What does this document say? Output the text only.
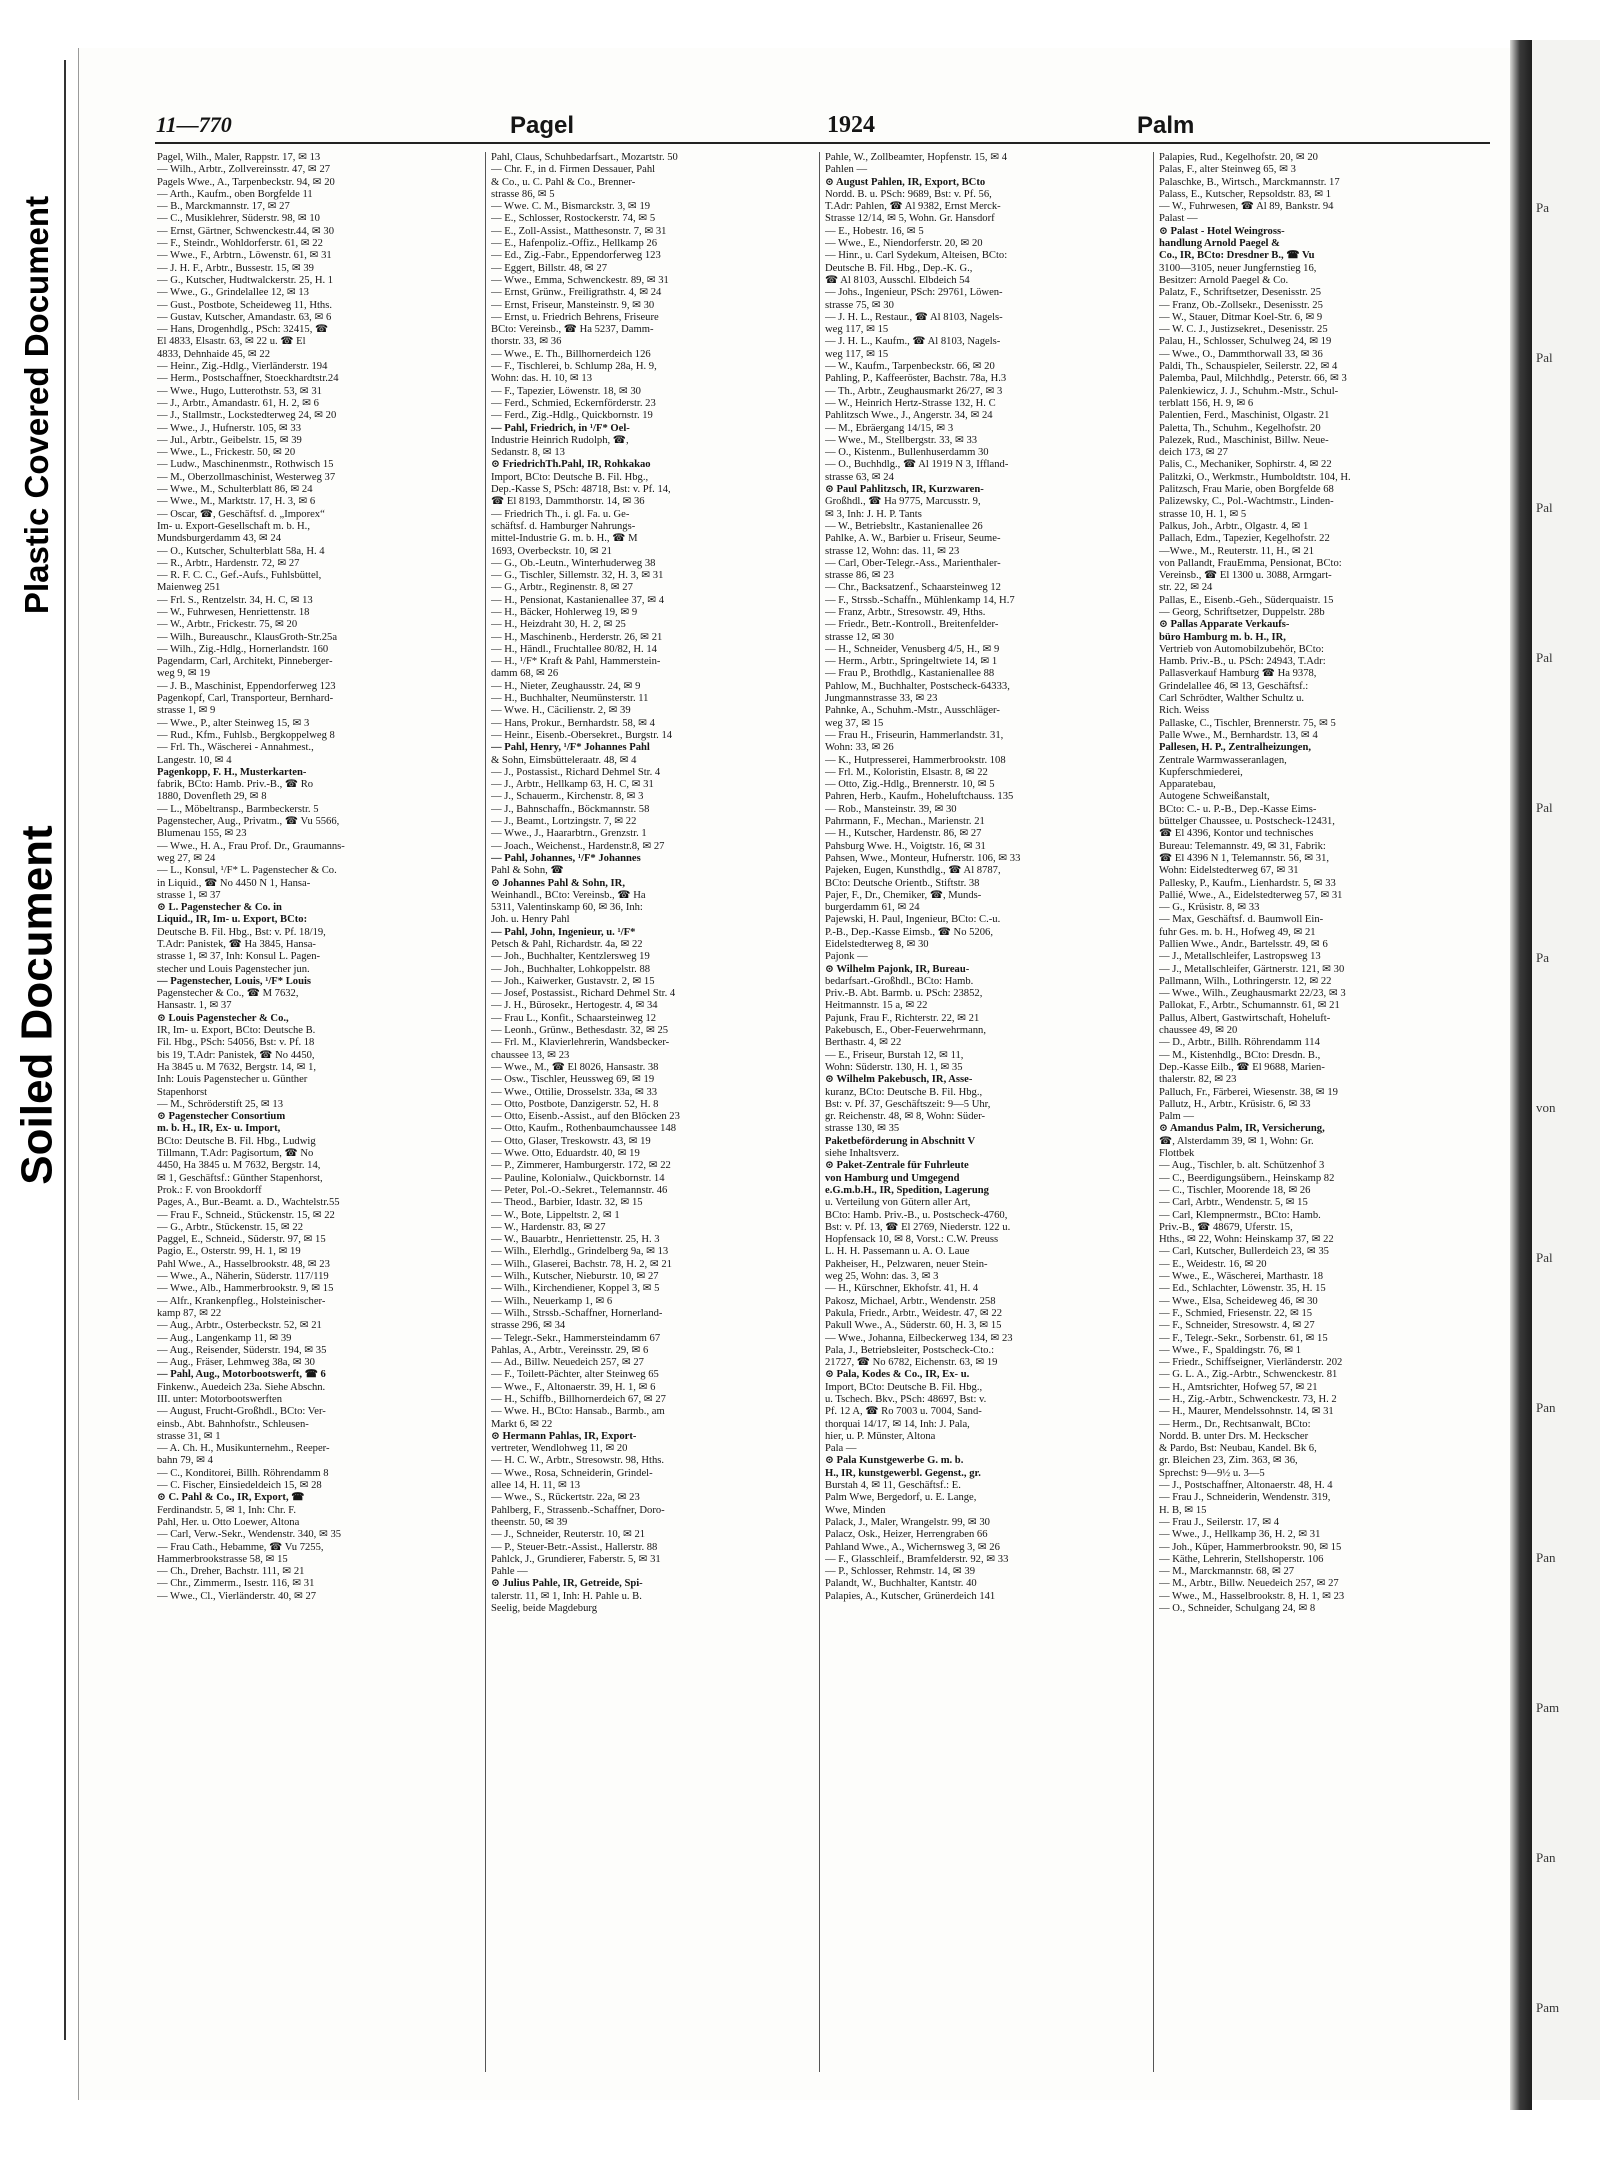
Plastic Covered Document
Soiled Document
Pa
Pal
Pal
Pal
Pal
Pa
von
Pal
Pan
Pan
Pam
Pan
Pam
11—770	Pagel	1924	Palm
Pagel, Wilh., Maler, Rappstr. 17, ✉ 13
— Wilh., Arbtr., Zollvereinsstr. 47, ✉ 27
Pagels Wwe., A., Tarpenbeckstr. 94, ✉ 20
— Arth., Kaufm., oben Borgfelde 11
— B., Marckmannstr. 17, ✉ 27
— C., Musiklehrer, Süderstr. 98, ✉ 10
— Ernst, Gärtner, Schwenckestr.44, ✉ 30
— F., Steindr., Wohldorferstr. 61, ✉ 22
— Wwe., F., Arbtrn., Löwenstr. 61, ✉ 31
— J. H. F., Arbtr., Bussestr. 15, ✉ 39
— G., Kutscher, Hudtwalckerstr. 25, H. 1
— Wwe., G., Grindelallee 12, ✉ 13
— Gust., Postbote, Scheideweg 11, Hths.
— Gustav, Kutscher, Amandastr. 63, ✉ 6
— Hans, Drogenhdlg., PSch: 32415, ☎
El 4833, Elsastr. 63, ✉ 22 u. ☎ El
4833, Dehnhaide 45, ✉ 22
— Heinr., Zig.-Hdlg., Vierländerstr. 194
— Herm., Postschaffner, Stoeckhardtstr.24
— Wwe., Hugo, Lutterothstr. 53, ✉ 31
— J., Arbtr., Amandastr. 61, H. 2, ✉ 6
— J., Stallmstr., Lockstedterweg 24, ✉ 20
— Wwe., J., Hufnerstr. 105, ✉ 33
— Jul., Arbtr., Geibelstr. 15, ✉ 39
— Wwe., L., Frickestr. 50, ✉ 20
— Ludw., Maschinenmstr., Rothwisch 15
— M., Oberzollmaschinist, Westerweg 37
— Wwe., M., Schulterblatt 86, ✉ 24
— Wwe., M., Marktstr. 17, H. 3, ✉ 6
— Oscar, ☎, Geschäftsf. d. „Imporex“
Im- u. Export-Gesellschaft m. b. H.,
Mundsburgerdamm 43, ✉ 24
— O., Kutscher, Schulterblatt 58a, H. 4
— R., Arbtr., Hardenstr. 72, ✉ 27
— R. F. C. C., Gef.-Aufs., Fuhlsbüttel,
Maienweg 251
— Frl. S., Rentzelstr. 34, H. C, ✉ 13
— W., Fuhrwesen, Henriettenstr. 18
— W., Arbtr., Frickestr. 75, ✉ 20
— Wilh., Bureauschr., KlausGroth-Str.25a
— Wilh., Zig.-Hdlg., Hornerlandstr. 160
Pagendarm, Carl, Architekt, Pinneberger-
weg 9, ✉ 19
— J. B., Maschinist, Eppendorferweg 123
Pagenkopf, Carl, Transporteur, Bernhard-
strasse 1, ✉ 9
— Wwe., P., alter Steinweg 15, ✉ 3
— Rud., Kfm., Fuhlsb., Bergkoppelweg 8
— Frl. Th., Wäscherei - Annahmest.,
Langestr. 10, ✉ 4
Pagenkopp, F. H., Musterkarten-
fabrik, BCto: Hamb. Priv.-B., ☎ Ro
1880, Dovenfleth 29, ✉ 8
— L., Möbeltransp., Barmbeckerstr. 5
Pagenstecher, Aug., Privatm., ☎ Vu 5566,
Blumenau 155, ✉ 23
— Wwe., H. A., Frau Prof. Dr., Graumanns-
weg 27, ✉ 24
— L., Konsul, ¹/F* L. Pagenstecher & Co.
in Liquid., ☎ No 4450 N 1, Hansa-
strasse 1, ✉ 37
⊙ L. Pagenstecher & Co. in
Liquid., IR, Im- u. Export, BCto:
Deutsche B. Fil. Hbg., Bst: v. Pf. 18/19,
T.Adr: Panistek, ☎ Ha 3845, Hansa-
strasse 1, ✉ 37, Inh: Konsul L. Pagen-
stecher und Louis Pagenstecher jun.
— Pagenstecher, Louis, ¹/F* Louis
Pagenstecher & Co., ☎ M 7632,
Hansastr. 1, ✉ 37
⊙ Louis Pagenstecher & Co.,
IR, Im- u. Export, BCto: Deutsche B.
Fil. Hbg., PSch: 54056, Bst: v. Pf. 18
bis 19, T.Adr: Panistek, ☎ No 4450,
Ha 3845 u. M 7632, Bergstr. 14, ✉ 1,
Inh: Louis Pagenstecher u. Günther
Stapenhorst
— M., Schröderstift 25, ✉ 13
⊙ Pagenstecher Consortium
m. b. H., IR, Ex- u. Import,
BCto: Deutsche B. Fil. Hbg., Ludwig
Tillmann, T.Adr: Pagisortum, ☎ No
4450, Ha 3845 u. M 7632, Bergstr. 14,
✉ 1, Geschäftsf.: Günther Stapenhorst,
Prok.: F. von Brookdorff
Pages, A., Bur.-Beamt. a. D., Wachtelstr.55
— Frau F., Schneid., Stückenstr. 15, ✉ 22
— G., Arbtr., Stückenstr. 15, ✉ 22
Paggel, E., Schneid., Süderstr. 97, ✉ 15
Pagio, E., Osterstr. 99, H. 1, ✉ 19
Pahl Wwe., A., Hasselbrookstr. 48, ✉ 23
— Wwe., A., Näherin, Süderstr. 117/119
— Wwe., Alb., Hammerbrookstr. 9, ✉ 15
— Alfr., Krankenpfleg., Holsteinischer-
kamp 87, ✉ 22
— Aug., Arbtr., Osterbeckstr. 52, ✉ 21
— Aug., Langenkamp 11, ✉ 39
— Aug., Reisender, Süderstr. 194, ✉ 35
— Aug., Fräser, Lehmweg 38a, ✉ 30
— Pahl, Aug., Motorbootswerft, ☎ 6
Finkenw., Auedeich 23a. Siehe Abschn.
III. unter: Motorbootswerften
— August, Frucht-Großhdl., BCto: Ver-
einsb., Abt. Bahnhofstr., Schleusen-
strasse 31, ✉ 1
— A. Ch. H., Musikunternehm., Reeper-
bahn 79, ✉ 4
— C., Konditorei, Billh. Röhrendamm 8
— C. Fischer, Einsiedeldeich 15, ✉ 28
⊙ C. Pahl & Co., IR, Export, ☎
Ferdinandstr. 5, ✉ 1, Inh: Chr. F.
Pahl, Her. u. Otto Loewer, Altona
— Carl, Verw.-Sekr., Wendenstr. 340, ✉ 35
— Frau Cath., Hebamme, ☎ Vu 7255,
Hammerbrookstrasse 58, ✉ 15
— Ch., Dreher, Bachstr. 111, ✉ 21
— Chr., Zimmerm., Isestr. 116, ✉ 31
— Wwe., Cl., Vierländerstr. 40, ✉ 27
Pahl, Claus, Schuhbedarfsart., Mozartstr. 50
— Chr. F., in d. Firmen Dessauer, Pahl
& Co., u. C. Pahl & Co., Brenner-
strasse 86, ✉ 5
— Wwe. C. M., Bismarckstr. 3, ✉ 19
— E., Schlosser, Rostockerstr. 74, ✉ 5
— E., Zoll-Assist., Matthesonstr. 7, ✉ 31
— E., Hafenpoliz.-Offiz., Hellkamp 26
— Ed., Zig.-Fabr., Eppendorferweg 123
— Eggert, Billstr. 48, ✉ 27
— Wwe., Emma, Schwenckestr. 89, ✉ 31
— Ernst, Grünw., Freiligrathstr. 4, ✉ 24
— Ernst, Friseur, Mansteinstr. 9, ✉ 30
— Ernst, u. Friedrich Behrens, Friseure
BCto: Vereinsb., ☎ Ha 5237, Damm-
thorstr. 33, ✉ 36
— Wwe., E. Th., Billhornerdeich 126
— F., Tischlerei, b. Schlump 28a, H. 9,
Wohn: das. H. 10, ✉ 13
— F., Tapezier, Löwenstr. 18, ✉ 30
— Ferd., Schmied, Eckernförderstr. 23
— Ferd., Zig.-Hdlg., Quickbornstr. 19
— Pahl, Friedrich, in ¹/F* Oel-
Industrie Heinrich Rudolph, ☎,
Sedanstr. 8, ✉ 13
⊙ FriedrichTh.Pahl, IR, Rohkakao
Import, BCto: Deutsche B. Fil. Hbg.,
Dep.-Kasse S, PSch: 48718, Bst: v. Pf. 14,
☎ El 8193, Dammthorstr. 14, ✉ 36
— Friedrich Th., i. gl. Fa. u. Ge-
schäftsf. d. Hamburger Nahrungs-
mittel-Industrie G. m. b. H., ☎ M
1693, Overbeckstr. 10, ✉ 21
— G., Ob.-Leutn., Winterhuderweg 38
— G., Tischler, Sillemstr. 32, H. 3, ✉ 31
— G., Arbtr., Reginenstr. 8, ✉ 27
— H., Pensionat, Kastanienallee 37, ✉ 4
— H., Bäcker, Hohlerweg 19, ✉ 9
— H., Heizdraht 30, H. 2, ✉ 25
— H., Maschinenb., Herderstr. 26, ✉ 21
— H., Händl., Fruchtallee 80/82, H. 14
— H., ¹/F* Kraft & Pahl, Hammerstein-
damm 68, ✉ 26
— H., Nieter, Zeughausstr. 24, ✉ 9
— H., Buchhalter, Neumünsterstr. 11
— Wwe. H., Cäcilienstr. 2, ✉ 39
— Hans, Prokur., Bernhardstr. 58, ✉ 4
— Heinr., Eisenb.-Obersekret., Burgstr. 14
— Pahl, Henry, ¹/F* Johannes Pahl
& Sohn, Eimsbütteleraatr. 48, ✉ 4
— J., Postassist., Richard Dehmel Str. 4
— J., Arbtr., Hellkamp 63, H. C, ✉ 31
— J., Schauerm., Kirchenstr. 8, ✉ 3
— J., Bahnschaffn., Böckmannstr. 58
— J., Beamt., Lortzingstr. 7, ✉ 22
— Wwe., J., Haararbtrn., Grenzstr. 1
— Joach., Weichenst., Hardenstr.8, ✉ 27
— Pahl, Johannes, ¹/F* Johannes
Pahl & Sohn, ☎
⊙ Johannes Pahl & Sohn, IR,
Weinhandl., BCto: Vereinsb., ☎ Ha
5311, Valentinskamp 60, ✉ 36, Inh:
Joh. u. Henry Pahl
— Pahl, John, Ingenieur, u. ¹/F*
Petsch & Pahl, Richardstr. 4a, ✉ 22
— Joh., Buchhalter, Kentzlersweg 19
— Joh., Buchhalter, Lohkoppelstr. 88
— Joh., Kaiwerker, Gustavstr. 2, ✉ 15
— Josef, Postassist., Richard Dehmel Str. 4
— J. H., Bürosekr., Hertogestr. 4, ✉ 34
— Frau L., Konfit., Schaarsteinweg 12
— Leonh., Grünw., Bethesdastr. 32, ✉ 25
— Frl. M., Klavierlehrerin, Wandsbecker-
chaussee 13, ✉ 23
— Wwe., M., ☎ El 8026, Hansastr. 38
— Osw., Tischler, Heussweg 69, ✉ 19
— Wwe., Ottilie, Drosselstr. 33a, ✉ 33
— Otto, Postbote, Danzigerstr. 52, H. 8
— Otto, Eisenb.-Assist., auf den Blöcken 23
— Otto, Kaufm., Rothenbaumchaussee 148
— Otto, Glaser, Treskowstr. 43, ✉ 19
— Wwe. Otto, Eduardstr. 40, ✉ 19
— P., Zimmerer, Hamburgerstr. 172, ✉ 22
— Pauline, Kolonialw., Quickbornstr. 14
— Peter, Pol.-O.-Sekret., Telemannstr. 46
— Theod., Barbier, Idastr. 32, ✉ 15
— W., Bote, Lippeltstr. 2, ✉ 1
— W., Hardenstr. 83, ✉ 27
— W., Bauarbtr., Henriettenstr. 25, H. 3
— Wilh., Elerhdlg., Grindelberg 9a, ✉ 13
— Wilh., Glaserei, Bachstr. 78, H. 2, ✉ 21
— Wilh., Kutscher, Nieburstr. 10, ✉ 27
— Wilh., Kirchendiener, Koppel 3, ✉ 5
— Wilh., Neuerkamp 1, ✉ 6
— Wilh., Strssb.-Schaffner, Hornerland-
strasse 296, ✉ 34
— Telegr.-Sekr., Hammersteindamm 67
Pahlas, A., Arbtr., Vereinsstr. 29, ✉ 6
— Ad., Billw. Neuedeich 257, ✉ 27
— F., Toilett-Pächter, alter Steinweg 65
— Wwe., F., Altonaerstr. 39, H. 1, ✉ 6
— H., Schiffb., Billhornerdeich 67, ✉ 27
— Wwe. H., BCto: Hansab., Barmb., am
Markt 6, ✉ 22
⊙ Hermann Pahlas, IR, Export-
vertreter, Wendlohweg 11, ✉ 20
— H. C. W., Arbtr., Stresowstr. 98, Hths.
— Wwe., Rosa, Schneiderin, Grindel-
allee 14, H. 11, ✉ 13
— Wwe., S., Rückertstr. 22a, ✉ 23
Pahlberg, F., Strassenb.-Schaffner, Doro-
theenstr. 50, ✉ 39
— J., Schneider, Reuterstr. 10, ✉ 21
— P., Steuer-Betr.-Assist., Hallerstr. 88
Pahlck, J., Grundierer, Faberstr. 5, ✉ 31
Pahle —
⊙ Julius Pahle, IR, Getreide, Spi-
talerstr. 11, ✉ 1, Inh: H. Pahle u. B.
Seelig, beide Magdeburg
Pahle, W., Zollbeamter, Hopfenstr. 15, ✉ 4
Pahlen —
⊙ August Pahlen, IR, Export, BCto
Nordd. B. u. PSch: 9689, Bst: v. Pf. 56,
T.Adr: Pahlen, ☎ Al 9382, Ernst Merck-
Strasse 12/14, ✉ 5, Wohn. Gr. Hansdorf
— E., Hobestr. 16, ✉ 5
— Wwe., E., Niendorferstr. 20, ✉ 20
— Hinr., u. Carl Sydekum, Alteisen, BCto:
Deutsche B. Fil. Hbg., Dep.-K. G.,
☎ Al 8103, Ausschl. Elbdeich 54
— Johs., Ingenieur, PSch: 29761, Löwen-
strasse 75, ✉ 30
— J. H. L., Restaur., ☎ Al 8103, Nagels-
weg 117, ✉ 15
— J. H. L., Kaufm., ☎ Al 8103, Nagels-
weg 117, ✉ 15
— W., Kaufm., Tarpenbeckstr. 66, ✉ 20
Pahling, P., Kaffeeröster, Bachstr. 78a, H.3
— Th., Arbtr., Zeughausmarkt 26/27, ✉ 3
— W., Heinrich Hertz-Strasse 132, H. C
Pahlitzsch Wwe., J., Angerstr. 34, ✉ 24
— M., Ebräergang 14/15, ✉ 3
— Wwe., M., Stellbergstr. 33, ✉ 33
— O., Kistenm., Bullenhuserdamm 30
— O., Buchhdlg., ☎ Al 1919 N 3, Iffland-
strasse 63, ✉ 24
⊙ Paul Pahlitzsch, IR, Kurzwaren-
Großhdl., ☎ Ha 9775, Marcusstr. 9,
✉ 3, Inh: J. H. P. Tants
— W., Betriebsltr., Kastanienallee 26
Pahlke, A. W., Barbier u. Friseur, Seume-
strasse 12, Wohn: das. 11, ✉ 23
— Carl, Ober-Telegr.-Ass., Marienthaler-
strasse 86, ✉ 23
— Chr., Backsatzenf., Schaarsteinweg 12
— F., Strssb.-Schaffn., Mühlenkamp 14, H.7
— Franz, Arbtr., Stresowstr. 49, Hths.
— Friedr., Betr.-Kontroll., Breitenfelder-
strasse 12, ✉ 30
— H., Schneider, Venusberg 4/5, H., ✉ 9
— Herm., Arbtr., Springeltwiete 14, ✉ 1
— Frau P., Brothdlg., Kastanienallee 88
Pahlow, M., Buchhalter, Postscheck-64333,
Jungmannstrasse 33, ✉ 23
Pahnke, A., Schuhm.-Mstr., Ausschläger-
weg 37, ✉ 15
— Frau H., Friseurin, Hammerlandstr. 31,
Wohn: 33, ✉ 26
— K., Hutpresserei, Hammerbrookstr. 108
— Frl. M., Koloristin, Elsastr. 8, ✉ 22
— Otto, Zig.-Hdlg., Brennerstr. 10, ✉ 5
Pahren, Herb., Kaufm., Hoheluftchauss. 135
— Rob., Mansteinstr. 39, ✉ 30
Pahrmann, F., Mechan., Marienstr. 21
— H., Kutscher, Hardenstr. 86, ✉ 27
Pahsburg Wwe. H., Voigtstr. 16, ✉ 31
Pahsen, Wwe., Monteur, Hufnerstr. 106, ✉ 33
Pajeken, Eugen, Kunsthdlg., ☎ Al 8787,
BCto: Deutsche Orientb., Stiftstr. 38
Pajer, F., Dr., Chemiker, ☎, Munds-
burgerdamm 61, ✉ 24
Pajewski, H. Paul, Ingenieur, BCto: C.-u.
P.-B., Dep.-Kasse Eimsb., ☎ No 5206,
Eidelstedterweg 8, ✉ 30
Pajonk —
⊙ Wilhelm Pajonk, IR, Bureau-
bedarfsart.-Großhdl., BCto: Hamb.
Priv.-B. Abt. Barmb. u. PSch: 23852,
Heitmannstr. 15 a, ✉ 22
Pajunk, Frau F., Richterstr. 22, ✉ 21
Pakebusch, E., Ober-Feuerwehrmann,
Berthastr. 4, ✉ 22
— E., Friseur, Burstah 12, ✉ 11,
Wohn: Süderstr. 130, H. 1, ✉ 35
⊙ Wilhelm Pakebusch, IR, Asse-
kuranz, BCto: Deutsche B. Fil. Hbg.,
Bst: v. Pf. 37, Geschäftszeit: 9—5 Uhr,
gr. Reichenstr. 48, ✉ 8, Wohn: Süder-
strasse 130, ✉ 35
Paketbeförderung in Abschnitt V
siehe Inhaltsverz.
⊙ Paket-Zentrale für Fuhrleute
von Hamburg und Umgegend
e.G.m.b.H., IR, Spedition, Lagerung
u. Verteilung von Gütern aller Art,
BCto: Hamb. Priv.-B., u. Postscheck-4760,
Bst: v. Pf. 13, ☎ El 2769, Niederstr. 122 u.
Hopfensack 10, ✉ 8, Vorst.: C.W. Preuss
L. H. H. Passemann u. A. O. Laue
Pakheiser, H., Pelzwaren, neuer Stein-
weg 25, Wohn: das. 3, ✉ 3
— H., Kürschner, Ekhofstr. 41, H. 4
Pakosz, Michael, Arbtr., Wendenstr. 258
Pakula, Friedr., Arbtr., Weidestr. 47, ✉ 22
Pakull Wwe., A., Süderstr. 60, H. 3, ✉ 15
— Wwe., Johanna, Eilbeckerweg 134, ✉ 23
Pala, J., Betriebsleiter, Postscheck-Cto.:
21727, ☎ No 6782, Eichenstr. 63, ✉ 19
⊙ Pala, Kodes & Co., IR, Ex- u.
Import, BCto: Deutsche B. Fil. Hbg.,
u. Tschech. Bkv., PSch: 48697, Bst: v.
Pf. 12 A, ☎ Ro 7003 u. 7004, Sand-
thorquai 14/17, ✉ 14, Inh: J. Pala,
hier, u. P. Münster, Altona
Pala —
⊙ Pala Kunstgewerbe G. m. b.
H., IR, kunstgewerbl. Gegenst., gr.
Burstah 4, ✉ 11, Geschäftsf.: E.
Palm Wwe, Bergedorf, u. E. Lange,
Wwe, Minden
Palack, J., Maler, Wrangelstr. 99, ✉ 30
Palacz, Osk., Heizer, Herrengraben 66
Pahland Wwe., A., Wichernsweg 3, ✉ 26
— F., Glasschleif., Bramfelderstr. 92, ✉ 33
— P., Schlosser, Rehmstr. 14, ✉ 39
Palandt, W., Buchhalter, Kantstr. 40
Palapies, A., Kutscher, Grünerdeich 141
Palapies, Rud., Kegelhofstr. 20, ✉ 20
Palas, F., alter Steinweg 65, ✉ 3
Palaschke, B., Wirtsch., Marckmannstr. 17
Palass, E., Kutscher, Repsoldstr. 83, ✉ 1
— W., Fuhrwesen, ☎ Al 89, Bankstr. 94
Palast —
⊙ Palast - Hotel Weingross-
handlung Arnold Paegel &
Co., IR, BCto: Dresdner B., ☎ Vu
3100—3105, neuer Jungfernstieg 16,
Besitzer: Arnold Paegel & Co.
Palatz, F., Schriftsetzer, Desenisstr. 25
— Franz, Ob.-Zollsekr., Desenisstr. 25
— W., Stauer, Ditmar Koel-Str. 6, ✉ 9
— W. C. J., Justizsekret., Desenisstr. 25
Palau, H., Schlosser, Schulweg 24, ✉ 19
— Wwe., O., Dammthorwall 33, ✉ 36
Paldi, Th., Schauspieler, Seilerstr. 22, ✉ 4
Palemba, Paul, Milchhdlg., Peterstr. 66, ✉ 3
Palenkiewicz, J. J., Schuhm.-Mstr., Schul-
terblatt 156, H. 9, ✉ 6
Palentien, Ferd., Maschinist, Olgastr. 21
Paletta, Th., Schuhm., Kegelhofstr. 20
Palezek, Rud., Maschinist, Billw. Neue-
deich 173, ✉ 27
Palis, C., Mechaniker, Sophirstr. 4, ✉ 22
Palitzki, O., Werkmstr., Humboldtstr. 104, H.
Palitzsch, Frau Marie, oben Borgfelde 68
Palizewsky, C., Pol.-Wachtmstr., Linden-
strasse 10, H. 1, ✉ 5
Palkus, Joh., Arbtr., Olgastr. 4, ✉ 1
Pallach, Edm., Tapezier, Kegelhofstr. 22
—Wwe., M., Reuterstr. 11, H., ✉ 21
von Pallandt, FrauEmma, Pensionat, BCto:
Vereinsb., ☎ El 1300 u. 3088, Armgart-
str. 22, ✉ 24
Pallas, E., Eisenb.-Geh., Süderquaistr. 15
— Georg, Schriftsetzer, Duppelstr. 28b
⊙ Pallas Apparate Verkaufs-
büro Hamburg m. b. H., IR,
Vertrieb von Automobilzubehör, BCto:
Hamb. Priv.-B., u. PSch: 24943, T.Adr:
Pallasverkauf Hamburg ☎ Ha 9378,
Grindelallee 46, ✉ 13, Geschäftsf.:
Carl Schrödter, Walther Schultz u.
Rich. Weiss
Pallaske, C., Tischler, Brennerstr. 75, ✉ 5
Palle Wwe., M., Bernhardstr. 13, ✉ 4
Pallesen, H. P., Zentralheizungen,
Zentrale Warmwasseranlagen,
Kupferschmiederei,
Apparatebau,
Autogene Schweißanstalt,
BCto: C.- u. P.-B., Dep.-Kasse Eims-
büttelger Chaussee, u. Postscheck-12431,
☎ El 4396, Kontor und technisches
Bureau: Telemannstr. 49, ✉ 31, Fabrik:
☎ El 4396 N 1, Telemannstr. 56, ✉ 31,
Wohn: Eidelstedterweg 67, ✉ 31
Pallesky, P., Kaufm., Lienhardstr. 5, ✉ 33
Pallié, Wwe., A., Eidelstedterweg 57, ✉ 31
— G., Krüsistr. 8, ✉ 33
— Max, Geschäftsf. d. Baumwoll Ein-
fuhr Ges. m. b. H., Hofweg 49, ✉ 21
Pallien Wwe., Andr., Bartelsstr. 49, ✉ 6
— J., Metallschleifer, Lastropsweg 13
— J., Metallschleifer, Gärtnerstr. 121, ✉ 30
Pallmann, Wilh., Lothringerstr. 12, ✉ 22
— Wwe., Wilh., Zeughausmarkt 22/23, ✉ 3
Pallokat, F., Arbtr., Schumannstr. 61, ✉ 21
Pallus, Albert, Gastwirtschaft, Hoheluft-
chaussee 49, ✉ 20
— D., Arbtr., Billh. Röhrendamm 114
— M., Kistenhdlg., BCto: Dresdn. B.,
Dep.-Kasse Eilb., ☎ El 9688, Marien-
thalerstr. 82, ✉ 23
Palluch, Fr., Färberei, Wiesenstr. 38, ✉ 19
Pallutz, H., Arbtr., Krüsistr. 6, ✉ 33
Palm —
⊙ Amandus Palm, IR, Versicherung,
☎, Alsterdamm 39, ✉ 1, Wohn: Gr.
Flottbek
— Aug., Tischler, b. alt. Schützenhof 3
— C., Beerdigungsübern., Heinskamp 82
— C., Tischler, Moorende 18, ✉ 26
— Carl, Arbtr., Wendenstr. 5, ✉ 15
— Carl, Klempnermstr., BCto: Hamb.
Priv.-B., ☎ 48679, Uferstr. 15,
Hths., ✉ 22, Wohn: Heinskamp 37, ✉ 22
— Carl, Kutscher, Bullerdeich 23, ✉ 35
— E., Weidestr. 16, ✉ 20
— Wwe., E., Wäscherei, Marthastr. 18
— Ed., Schlachter, Löwenstr. 35, H. 15
— Wwe., Elsa, Scheideweg 46, ✉ 30
— F., Schmied, Friesenstr. 22, ✉ 15
— F., Schneider, Stresowstr. 4, ✉ 27
— F., Telegr.-Sekr., Sorbenstr. 61, ✉ 15
— Wwe., F., Spaldingstr. 76, ✉ 1
— Friedr., Schiffseigner, Vierländerstr. 202
— G. L. A., Zig.-Arbtr., Schwenckestr. 81
— H., Amtsrichter, Hofweg 57, ✉ 21
— H., Zig.-Arbtr., Schwenckestr. 73, H. 2
— H., Maurer, Mendelssohnstr. 14, ✉ 31
— Herm., Dr., Rechtsanwalt, BCto:
Nordd. B. unter Drs. M. Heckscher
& Pardo, Bst: Neubau, Kandel. Bk 6,
gr. Bleichen 23, Zim. 363, ✉ 36,
Sprechst: 9—9½ u. 3—5
— J., Postschaffner, Altonaerstr. 48, H. 4
— Frau J., Schneiderin, Wendenstr. 319,
H. B, ✉ 15
— Frau J., Seilerstr. 17, ✉ 4
— Wwe., J., Hellkamp 36, H. 2, ✉ 31
— Joh., Küper, Hammerbrookstr. 90, ✉ 15
— Käthe, Lehrerin, Stellshoperstr. 106
— M., Marckmannstr. 68, ✉ 27
— M., Arbtr., Billw. Neuedeich 257, ✉ 27
— Wwe., M., Hasselbrookstr. 8, H. 1, ✉ 23
— O., Schneider, Schulgang 24, ✉ 8
